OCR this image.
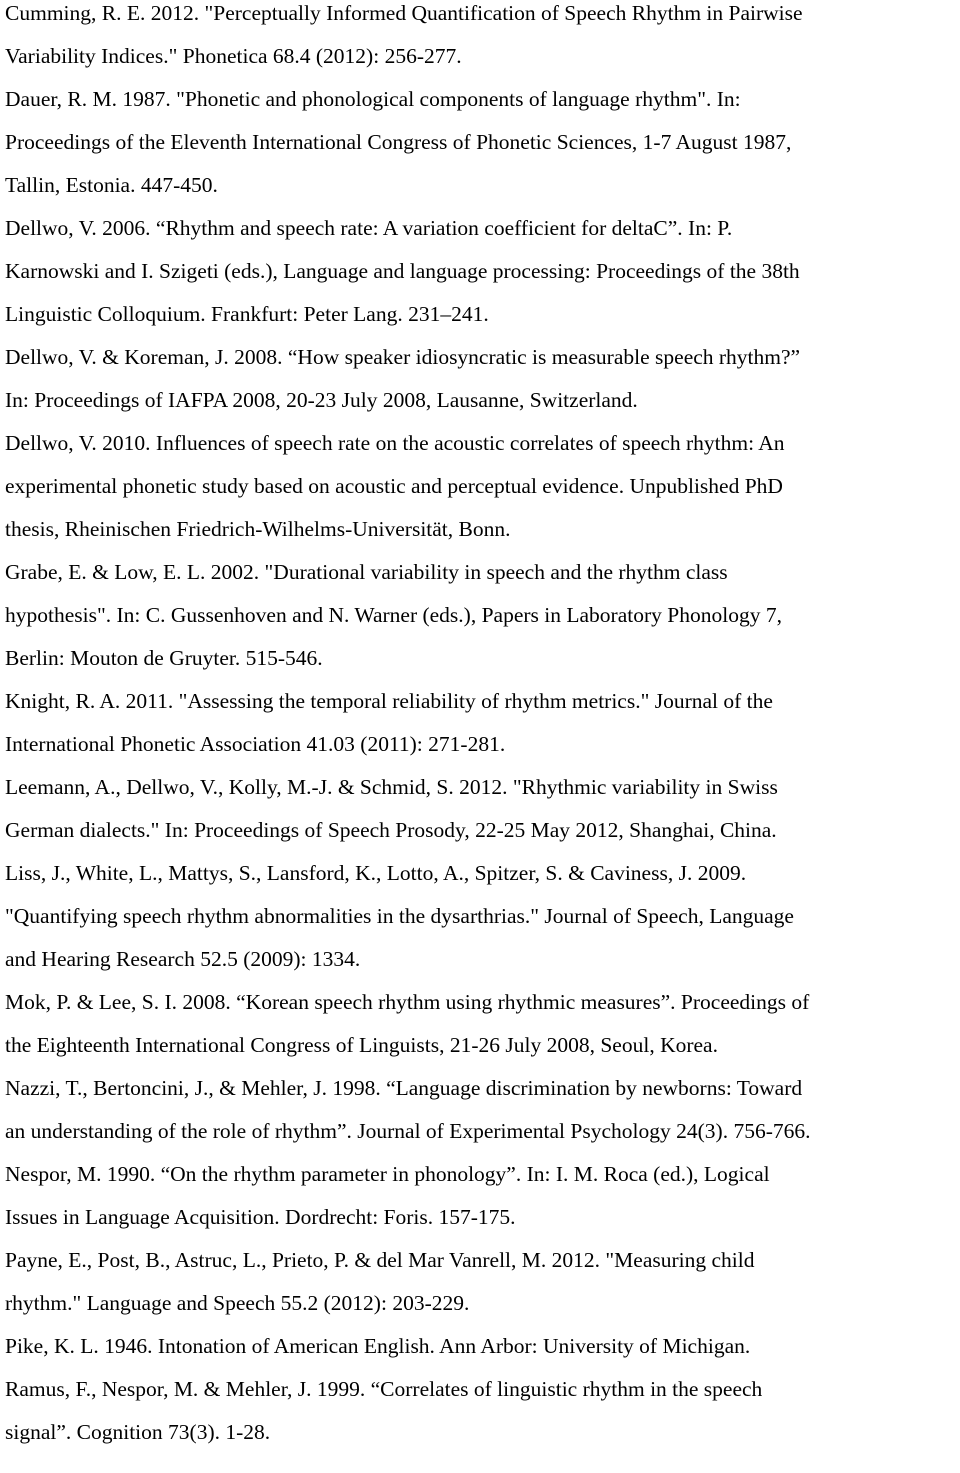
Cumming, R. E. 2012. "Perceptually Informed Quantification of Speech Rhythm in Pairwise
Variability Indices." Phonetica 68.4 (2012): 256-277.
Dauer, R. M. 1987. "Phonetic and phonological components of language rhythm". In:
Proceedings of the Eleventh International Congress of Phonetic Sciences, 1-7 August 1987,
Tallin, Estonia. 447-450.
Dellwo, V. 2006. “Rhythm and speech rate: A variation coefficient for deltaC”. In: P.
Karnowski and I. Szigeti (eds.), Language and language processing: Proceedings of the 38th
Linguistic Colloquium. Frankfurt: Peter Lang. 231–241.
Dellwo, V. & Koreman, J. 2008. “How speaker idiosyncratic is measurable speech rhythm?”
In: Proceedings of IAFPA 2008, 20-23 July 2008, Lausanne, Switzerland.
Dellwo, V. 2010. Influences of speech rate on the acoustic correlates of speech rhythm: An
experimental phonetic study based on acoustic and perceptual evidence. Unpublished PhD
thesis, Rheinischen Friedrich-Wilhelms-Universität, Bonn.
Grabe, E. & Low, E. L. 2002. "Durational variability in speech and the rhythm class
hypothesis". In: C. Gussenhoven and N. Warner (eds.), Papers in Laboratory Phonology 7,
Berlin: Mouton de Gruyter. 515-546.
Knight, R. A. 2011. "Assessing the temporal reliability of rhythm metrics." Journal of the
International Phonetic Association 41.03 (2011): 271-281.
Leemann, A., Dellwo, V., Kolly, M.-J. & Schmid, S. 2012. "Rhythmic variability in Swiss
German dialects." In: Proceedings of Speech Prosody, 22-25 May 2012, Shanghai, China.
Liss, J., White, L., Mattys, S., Lansford, K., Lotto, A., Spitzer, S. & Caviness, J. 2009.
"Quantifying speech rhythm abnormalities in the dysarthrias." Journal of Speech, Language
and Hearing Research 52.5 (2009): 1334.
Mok, P. & Lee, S. I. 2008. “Korean speech rhythm using rhythmic measures”. Proceedings of
the Eighteenth International Congress of Linguists, 21-26 July 2008, Seoul, Korea.
Nazzi, T., Bertoncini, J., & Mehler, J. 1998. “Language discrimination by newborns: Toward
an understanding of the role of rhythm”. Journal of Experimental Psychology 24(3). 756-766.
Nespor, M. 1990. “On the rhythm parameter in phonology”. In: I. M. Roca (ed.), Logical
Issues in Language Acquisition. Dordrecht: Foris. 157-175.
Payne, E., Post, B., Astruc, L., Prieto, P. & del Mar Vanrell, M. 2012. "Measuring child
rhythm." Language and Speech 55.2 (2012): 203-229.
Pike, K. L. 1946. Intonation of American English. Ann Arbor: University of Michigan.
Ramus, F., Nespor, M. & Mehler, J. 1999. “Correlates of linguistic rhythm in the speech
signal”. Cognition 73(3). 1-28.
